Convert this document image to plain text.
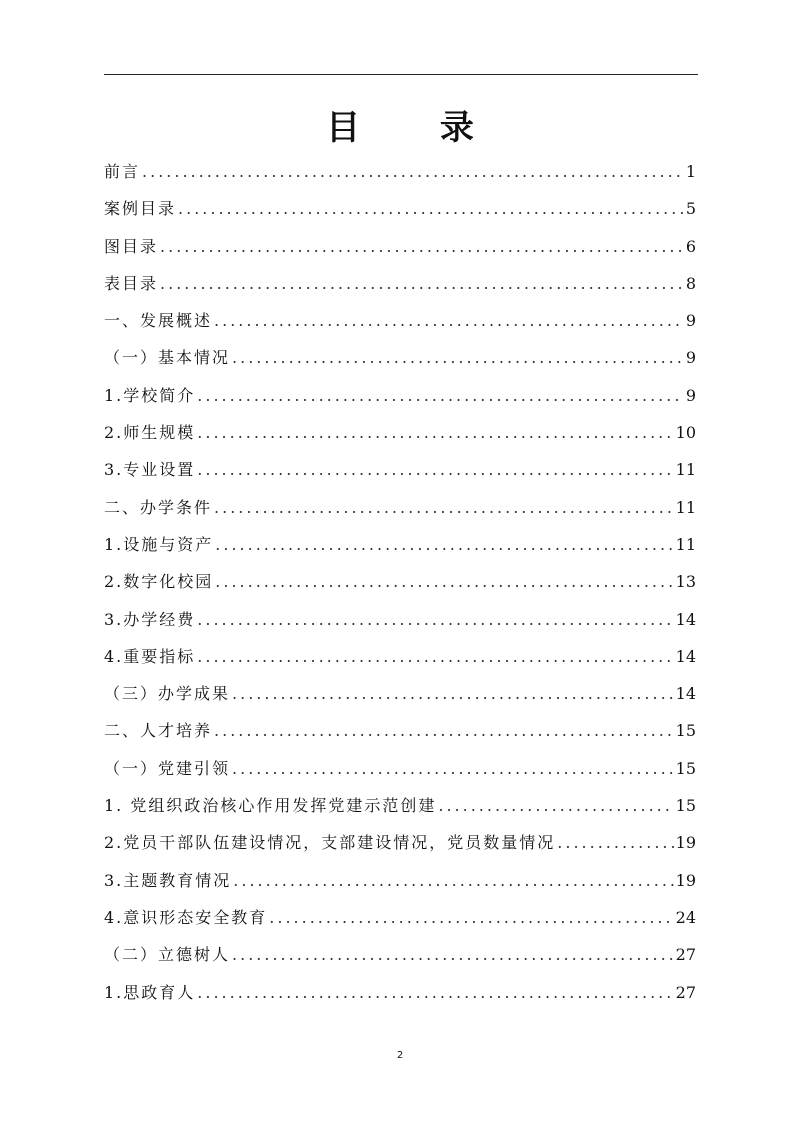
目 录
前言 .....	1
案例目录 .....	5
图目录 .....	6
表目录 .....	8
一、发展概述 .....	9
（一）基本情况 .....	9
1.学校简介 .....	9
2.师生规模 .....	10
3.专业设置 .....	11
二、办学条件 .....	11
1.设施与资产 .....	11
2.数字化校园 .....	13
3.办学经费 .....	14
4.重要指标 .....	14
（三）办学成果 .....	14
二、人才培养 .....	15
（一）党建引领 .....	15
1. 党组织政治核心作用发挥党建示范创建 .....	15
2.党员干部队伍建设情况，支部建设情况，党员数量情况 .....	19
3.主题教育情况 .....	19
4.意识形态安全教育 .....	24
（二）立德树人 .....	27
1.思政育人 .....	27
2
